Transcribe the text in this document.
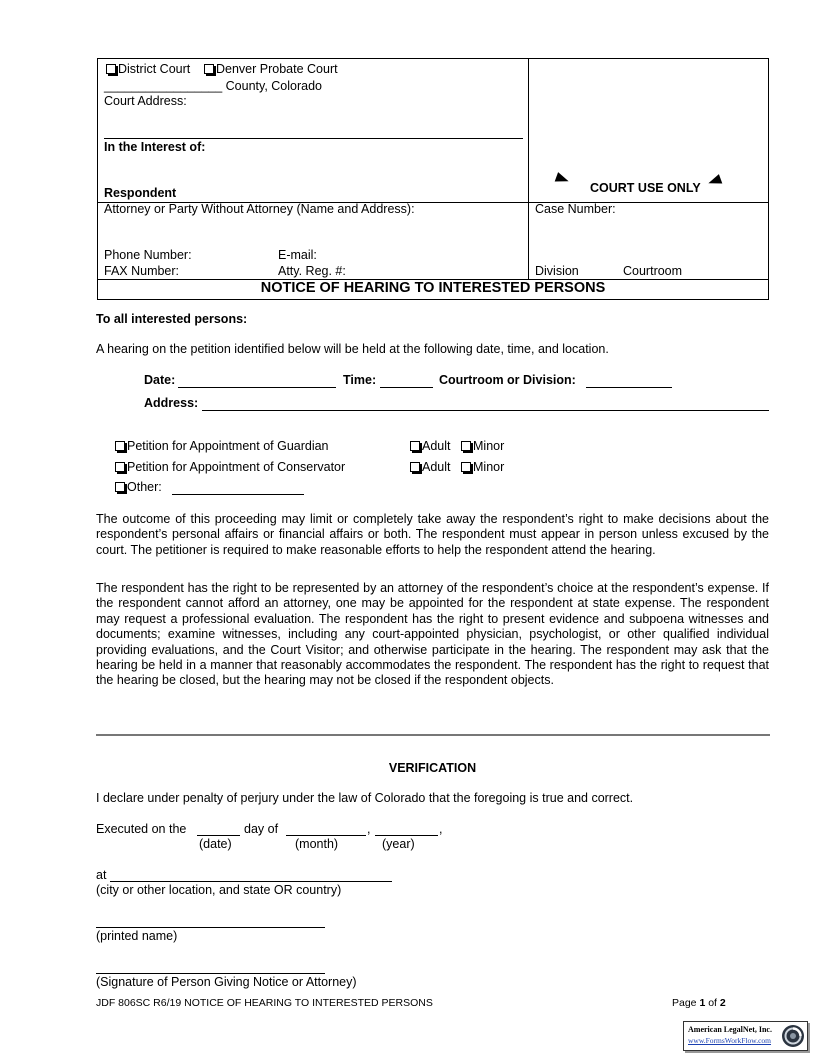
District Court	Denver Probate Court
_________________ County, Colorado
Court Address:
In the Interest of:
Respondent	COURT USE ONLY
Attorney or Party Without Attorney (Name and Address):
Phone Number:	E-mail:
FAX Number:	Atty. Reg. #:
Case Number:
Division	Courtroom
NOTICE OF HEARING TO INTERESTED PERSONS
To all interested persons:
A hearing on the petition identified below will be held at the following date, time, and location.
Date:	Time:	Courtroom or Division:
Address:
Petition for Appointment of Guardian	Adult	Minor
Petition for Appointment of Conservator	Adult	Minor
Other:
The outcome of this proceeding may limit or completely take away the respondent’s right to make decisions about the respondent’s personal affairs or financial affairs or both. The respondent must appear in person unless excused by the court. The petitioner is required to make reasonable efforts to help the respondent attend the hearing.
The respondent has the right to be represented by an attorney of the respondent’s choice at the respondent’s expense. If the respondent cannot afford an attorney, one may be appointed for the respondent at state expense. The respondent may request a professional evaluation. The respondent has the right to present evidence and subpoena witnesses and documents; examine witnesses, including any court-appointed physician, psychologist, or other qualified individual providing evaluations, and the Court Visitor; and otherwise participate in the hearing. The respondent may ask that the hearing be held in a manner that reasonably accommodates the respondent. The respondent has the right to request that the hearing be closed, but the hearing may not be closed if the respondent objects.
VERIFICATION
I declare under penalty of perjury under the law of Colorado that the foregoing is true and correct.
Executed on the	day of	,	,
(date)	(month)	(year)
at
(city or other location, and state OR country)
(printed name)
(Signature of Person Giving Notice or Attorney)
JDF 806SC R6/19 NOTICE OF HEARING TO INTERESTED PERSONS	Page 1 of 2
American LegalNet, Inc.
www.FormsWorkFlow.com
